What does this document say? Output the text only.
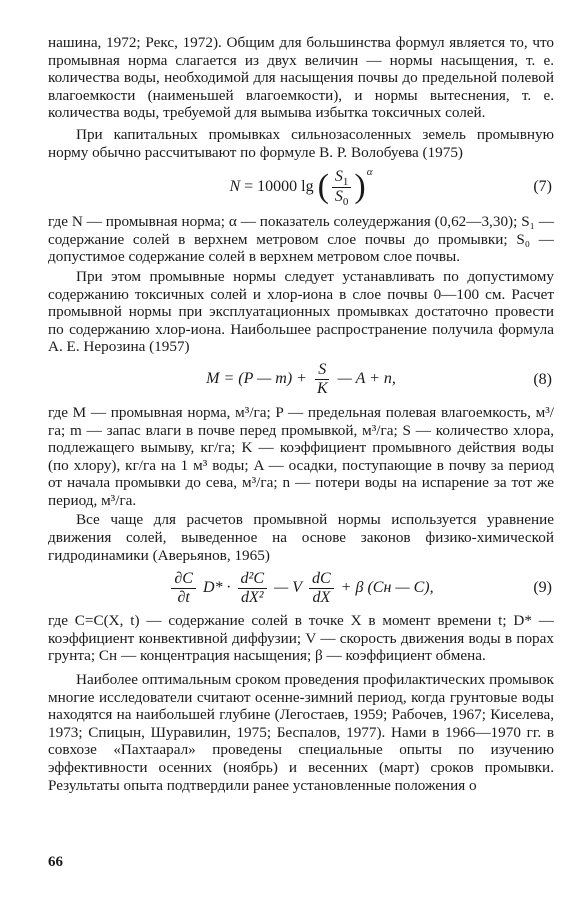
нашина, 1972; Рекс, 1972). Общим для большинства формул является то, что промывная норма слагается из двух величин — нормы насыщения, т. е. количества воды, необходимой для насыщения почвы до предельной полевой влагоемкости (наименьшей влагоемкости), и нормы вытеснения, т. е. количества воды, требуемой для вымыва избытка токсичных солей.

При капитальных промывках сильнозасоленных земель промывную норму обычно рассчитывают по формуле В. Р. Волобуева (1975)

N = 10000 lg ( $\frac{S_1}{S_0} )^\alpha$
(7)

где N — промывная норма; α — показатель солеудержания (0,62—3,30); S₁ — содержание солей в верхнем метровом слое почвы до промывки; S₀ — допустимое содержание солей в верхнем метровом слое почвы.

При этом промывные нормы следует устанавливать по допустимому содержанию токсичных солей и хлор-иона в слое почвы 0—100 см. Расчет промывной нормы при эксплуатационных промывках достаточно провести по содержанию хлор-иона. Наибольшее распространение получила формула А. Е. Нерозина (1957)

M = (P — $m) + \frac{S}{K}$ — A + n,	(8)

где M — промывная норма, м³/га; P — предельная полевая влагоемкость, м³/га; m — запас влаги в почве перед промывкой, м³/га; S — количество хлора, подлежащего вымыву, кг/га; K — коэффициент промывного действия воды (по хлору), кг/га на 1 м³ воды; A — осадки, поступающие в почву за период от начала промывки до сева, м³/га; n — потери воды на испарение за тот же период, м³/га.

Все чаще для расчетов промывной нормы используется уравнение движения солей, выведенное на основе законов физико-химической гидродинамики (Аверьянов, 1965)

$\frac{\partial C}{\partial t} D* \cdot \frac{\text{d²C}}{\text{dX²}}$ — V $\frac{dC}{dX} + \beta$ (Cн — C),	(9)

где C=C(X, t) — содержание солей в точке X в момент времени t; D* — коэффициент конвективной диффузии; V — скорость движения воды в порах грунта; Cн — концентрация насыщения; β — коэффициент обмена.

Наиболее оптимальным сроком проведения профилактических промывок многие исследователи считают осенне-зимний период, когда грунтовые воды находятся на наибольшей глубине (Легостаев, 1959; Рабочев, 1967; Киселева, 1973; Спицын, Шуравилин, 1975; Беспалов, 1977). Нами в 1966—1970 гг. в совхозе «Пахтаарал» проведены специальные опыты по изучению эффективности осенних (ноябрь) и весенних (март) сроков промывки. Результаты опыта подтвердили ранее установленные положения о

66
